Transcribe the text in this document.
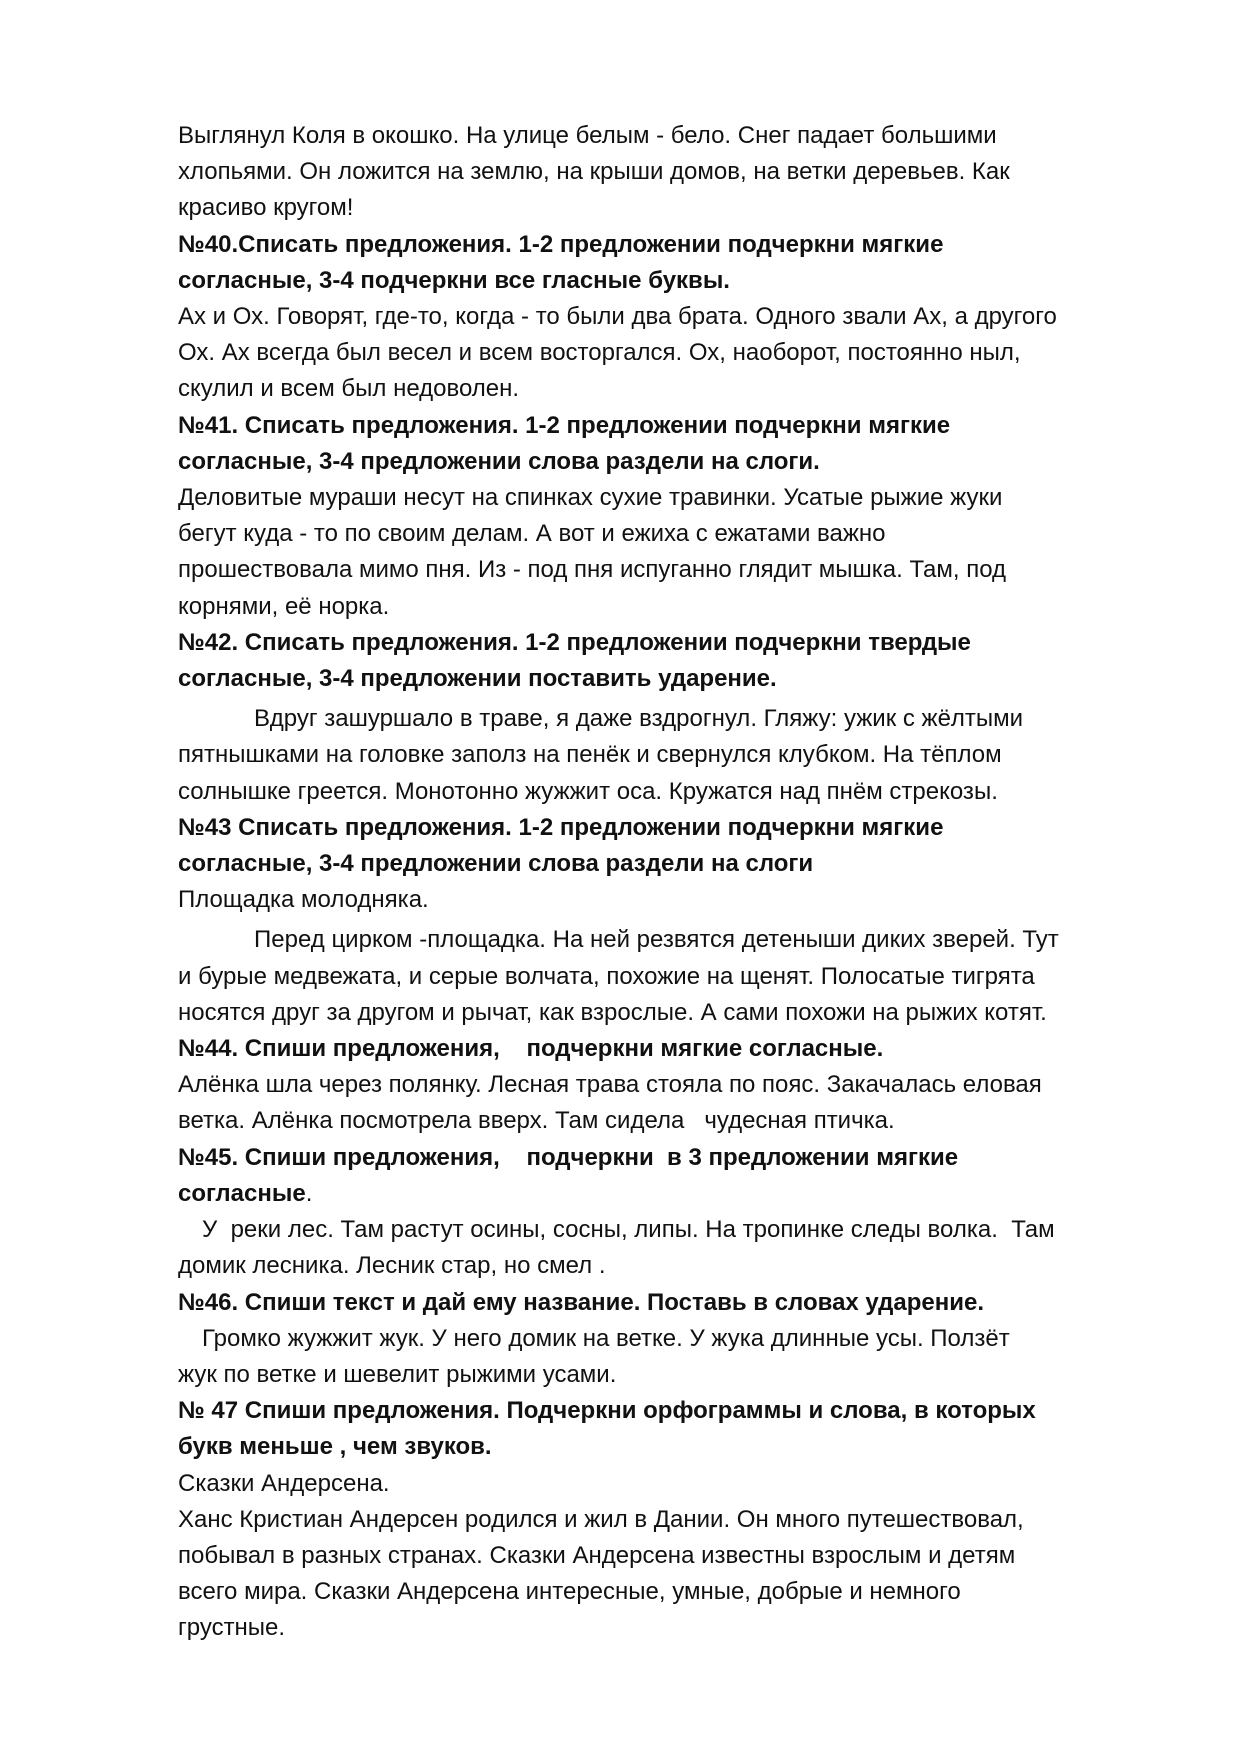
Выглянул Коля в окошко. На улице белым - бело. Снег падает большими
хлопьями. Он ложится на землю, на крыши домов, на ветки деревьев. Как
красиво кругом!
№40.Списать предложения. 1-2 предложении подчеркни мягкие
согласные, 3-4 подчеркни все гласные буквы.
Ах и Ох. Говорят, где-то, когда - то были два брата. Одного звали Ах, а другого
Ох. Ах всегда был весел и всем восторгался. Ох, наоборот, постоянно ныл,
скулил и всем был недоволен.
№41. Списать предложения. 1-2 предложении подчеркни мягкие
согласные, 3-4 предложении слова раздели на слоги.
Деловитые мураши несут на спинках сухие травинки. Усатые рыжие жуки
бегут куда - то по своим делам. А вот и ежиха с ежатами важно
прошествовала мимо пня. Из - под пня испуганно глядит мышка. Там, под
корнями, её норка.
№42. Списать предложения. 1-2 предложении подчеркни твердые
согласные, 3-4 предложении поставить ударение.
Вдруг зашуршало в траве, я даже вздрогнул. Гляжу: ужик с жёлтыми
пятнышками на головке заполз на пенёк и свернулся клубком. На тёплом
солнышке греется. Монотонно жужжит оса. Кружатся над пнём стрекозы.
№43 Списать предложения. 1-2 предложении подчеркни мягкие
согласные, 3-4 предложении слова раздели на слоги
Площадка молодняка.
Перед цирком -площадка. На ней резвятся детеныши диких зверей. Тут
и бурые медвежата, и серые волчата, похожие на щенят. Полосатые тигрята
носятся друг за другом и рычат, как взрослые. А сами похожи на рыжих котят.
№44. Спиши предложения,    подчеркни мягкие согласные.
Алёнка шла через полянку. Лесная трава стояла по пояс. Закачалась еловая
ветка. Алёнка посмотрела вверх. Там сидела   чудесная птичка.
№45. Спиши предложения,    подчеркни  в 3 предложении мягкие
согласные.
У  реки лес. Там растут осины, сосны, липы. На тропинке следы волка.  Там
домик лесника. Лесник стар, но смел .
№46. Спиши текст и дай ему название. Поставь в словах ударение.
Громко жужжит жук. У него домик на ветке. У жука длинные усы. Ползёт
жук по ветке и шевелит рыжими усами.
№ 47 Спиши предложения. Подчеркни орфограммы и слова, в которых
букв меньше , чем звуков.
Сказки Андерсена.
Ханс Кристиан Андерсен родился и жил в Дании. Он много путешествовал,
побывал в разных странах. Сказки Андерсена известны взрослым и детям
всего мира. Сказки Андерсена интересные, умные, добрые и немного
грустные.
